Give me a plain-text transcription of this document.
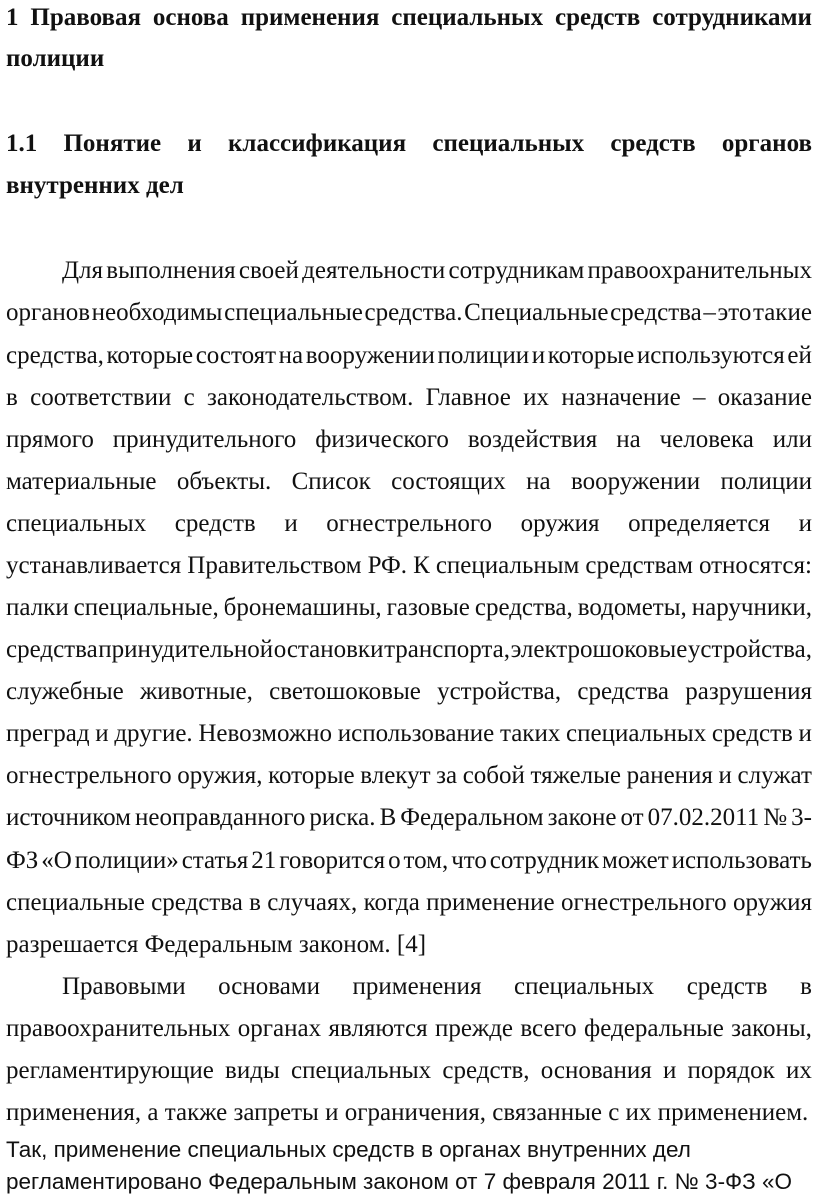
1 Правовая основа применения специальных средств сотрудниками
полиции
1.1 Понятие и классификация специальных средств органов
внутренних дел
Для выполнения своей деятельности сотрудникам правоохранительных
органов необходимы специальные средства. Специальные средства – это такие
средства, которые состоят на вооружении полиции и которые используются ей
в соответствии с законодательством. Главное их назначение – оказание
прямого принудительного физического воздействия на человека или
материальные объекты. Список состоящих на вооружении полиции
специальных средств и огнестрельного оружия определяется и
устанавливается Правительством РФ. К специальным средствам относятся:
палки специальные, бронемашины, газовые средства, водометы, наручники,
средства принудительной остановки транспорта, электрошоковые устройства,
служебные животные, светошоковые устройства, средства разрушения
преград и другие. Невозможно использование таких специальных средств и
огнестрельного оружия, которые влекут за собой тяжелые ранения и служат
источником неоправданного риска. В Федеральном законе от 07.02.2011 № 3-
ФЗ «О полиции» статья 21 говорится о том, что сотрудник может использовать
специальные средства в случаях, когда применение огнестрельного оружия
разрешается Федеральным законом. [4]
Правовыми основами применения специальных средств в
правоохранительных органах являются прежде всего федеральные законы,
регламентирующие виды специальных средств, основания и порядок их
применения, а также запреты и ограничения, связанные с их применением.
Так, применение специальных средств в органах внутренних дел
регламентировано Федеральным законом от 7 февраля 2011 г. № 3-ФЗ «О
